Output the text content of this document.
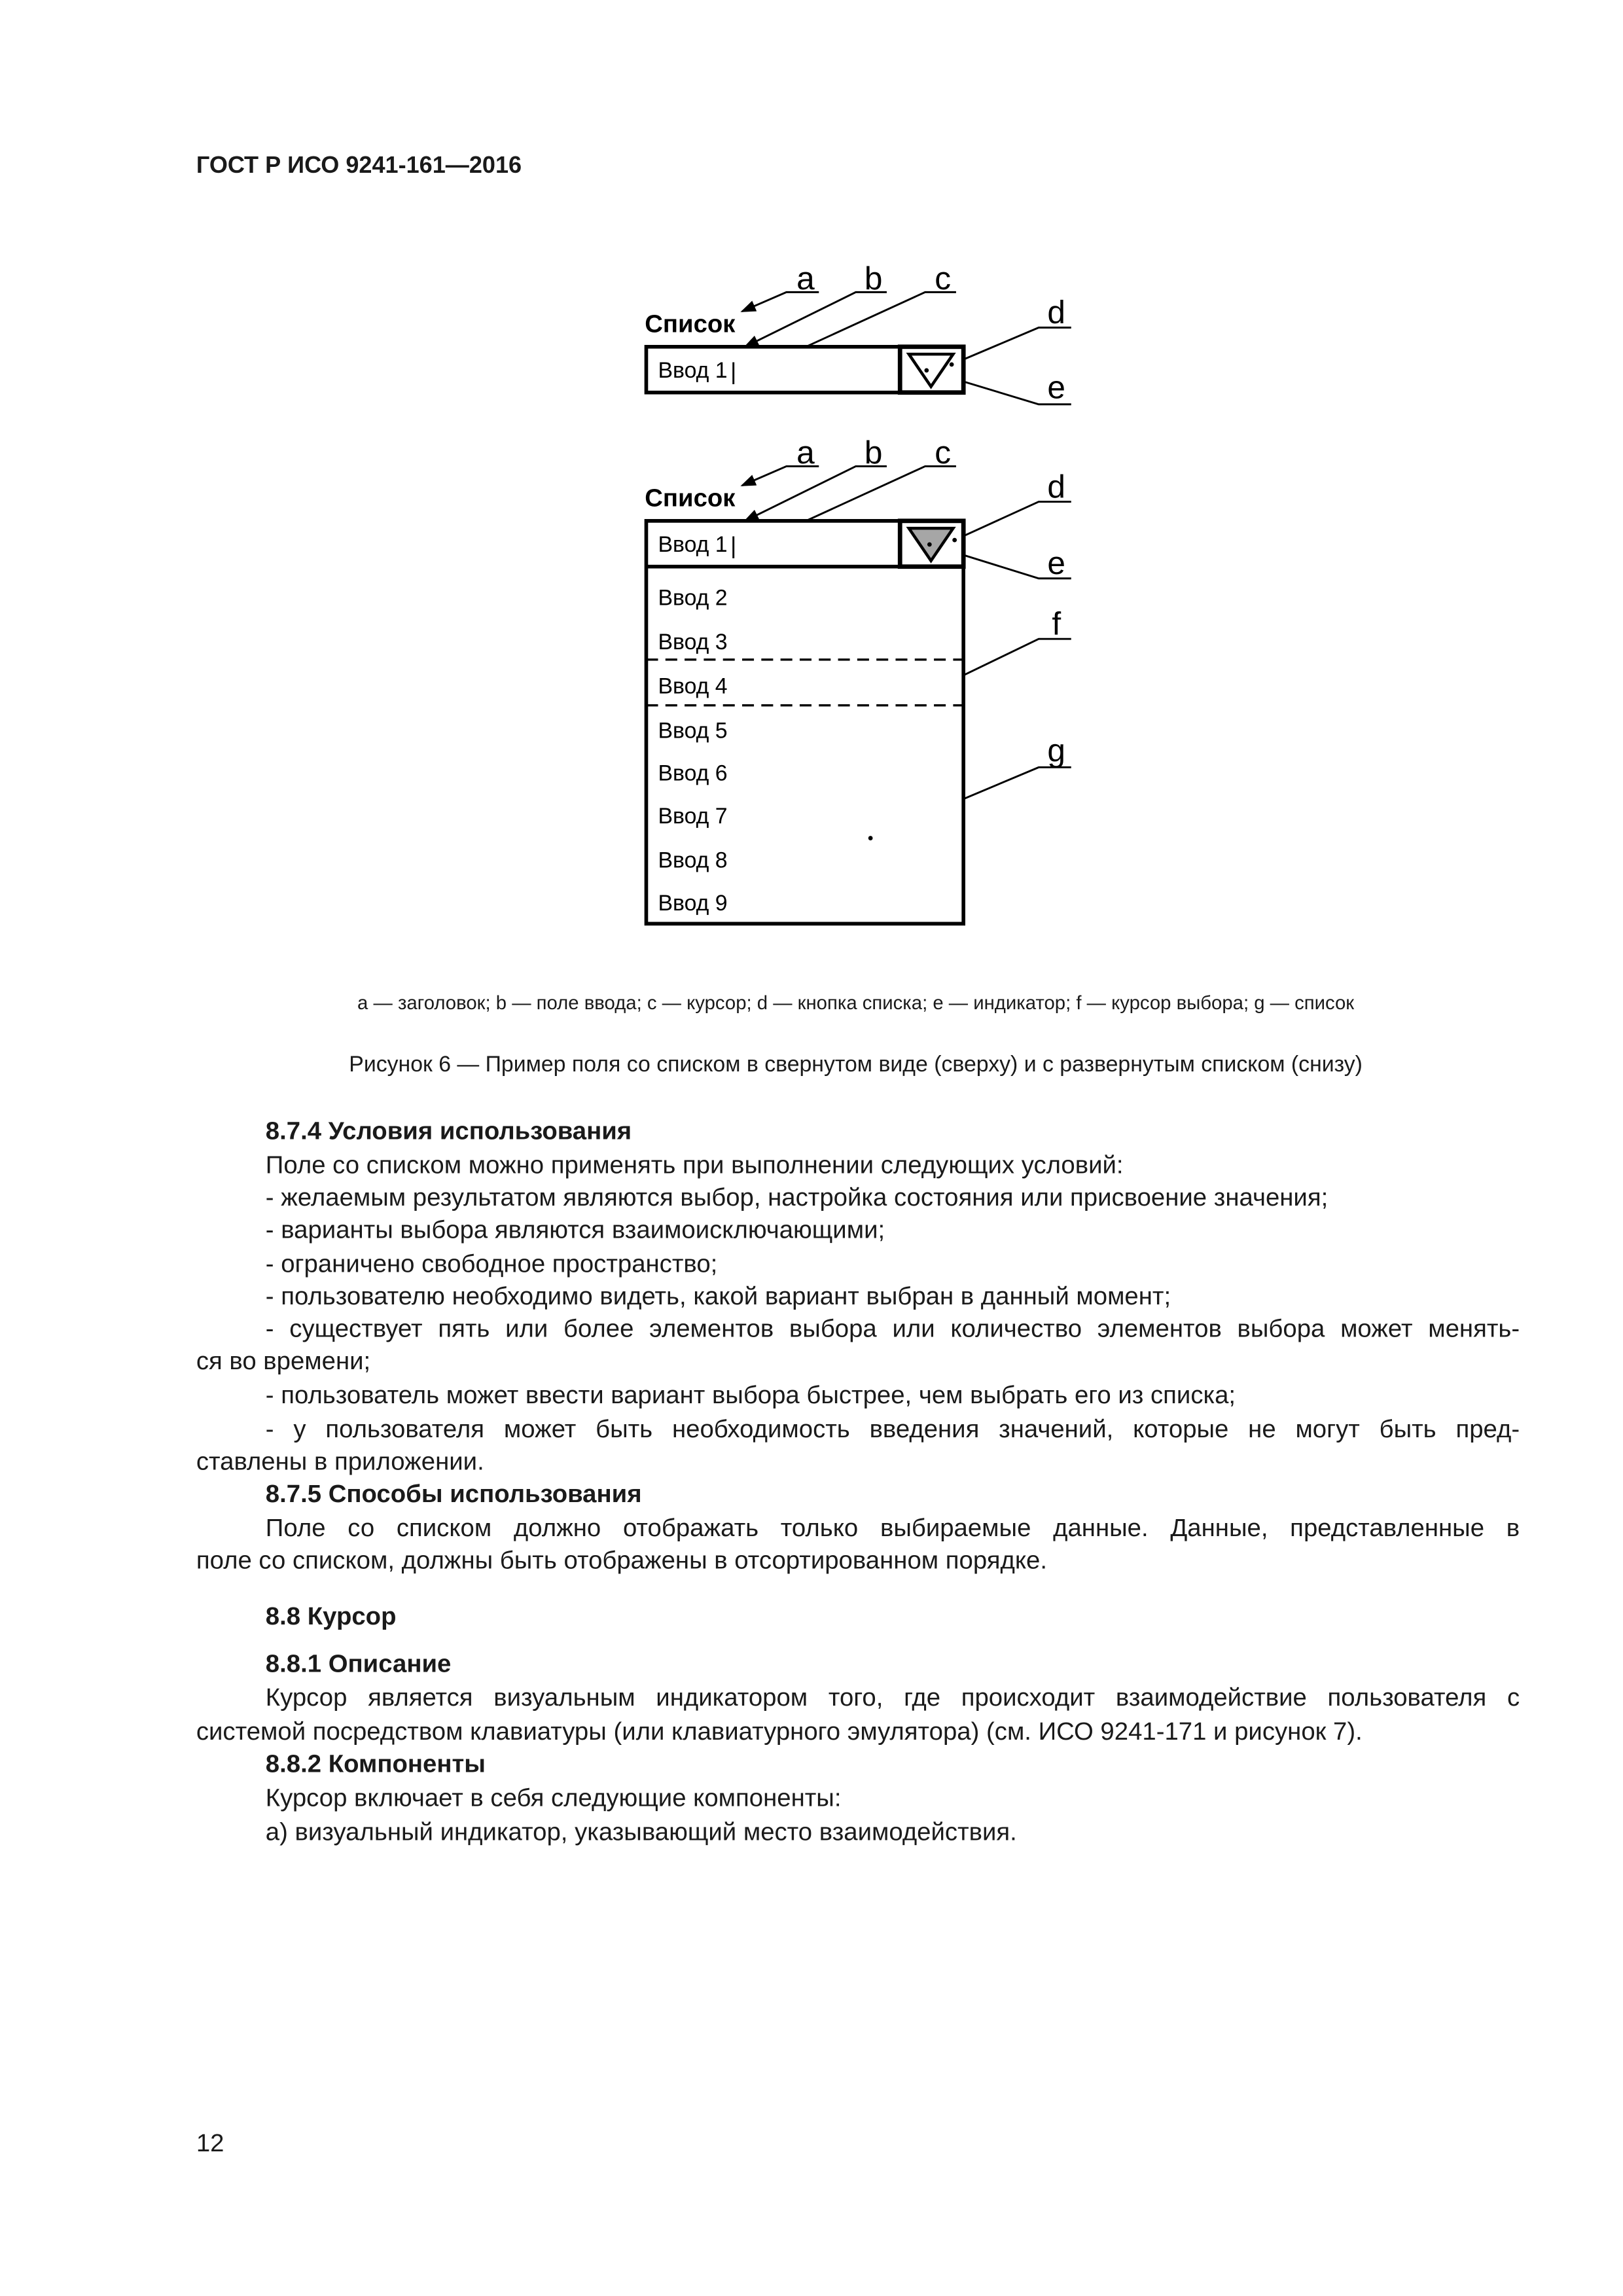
ГОСТ Р ИСО 9241-161—2016
a	b	c
d
e
Список
Ввод 1 |
a	b	c
d
e
f
g
Список
Ввод 1 |
Ввод 2
Ввод 3
Ввод 4
Ввод 5
Ввод 6
Ввод 7
Ввод 8
Ввод 9
a — заголовок; b — поле ввода; c — курсор; d — кнопка списка; e — индикатор; f — курсор выбора; g — список
Рисунок 6 — Пример поля со списком в свернутом виде (сверху) и с развернутым списком (снизу)
8.7.4 Условия использования
Поле со списком можно применять при выполнении следующих условий:
- желаемым результатом являются выбор, настройка состояния или присвоение значения;
- варианты выбора являются взаимоисключающими;
- ограничено свободное пространство;
- пользователю необходимо видеть, какой вариант выбран в данный момент;
- существует пять или более элементов выбора или количество элементов выбора может менять-
ся во времени;
- пользователь может ввести вариант выбора быстрее, чем выбрать его из списка;
- у пользователя может быть необходимость введения значений, которые не могут быть пред-
ставлены в приложении.
8.7.5 Способы использования
Поле со списком должно отображать только выбираемые данные. Данные, представленные в
поле со списком, должны быть отображены в отсортированном порядке.
8.8 Курсор
8.8.1 Описание
Курсор является визуальным индикатором того, где происходит взаимодействие пользователя с
системой посредством клавиатуры (или клавиатурного эмулятора) (см. ИСО 9241-171 и рисунок 7).
8.8.2 Компоненты
Курсор включает в себя следующие компоненты:
а) визуальный индикатор, указывающий место взаимодействия.
12
